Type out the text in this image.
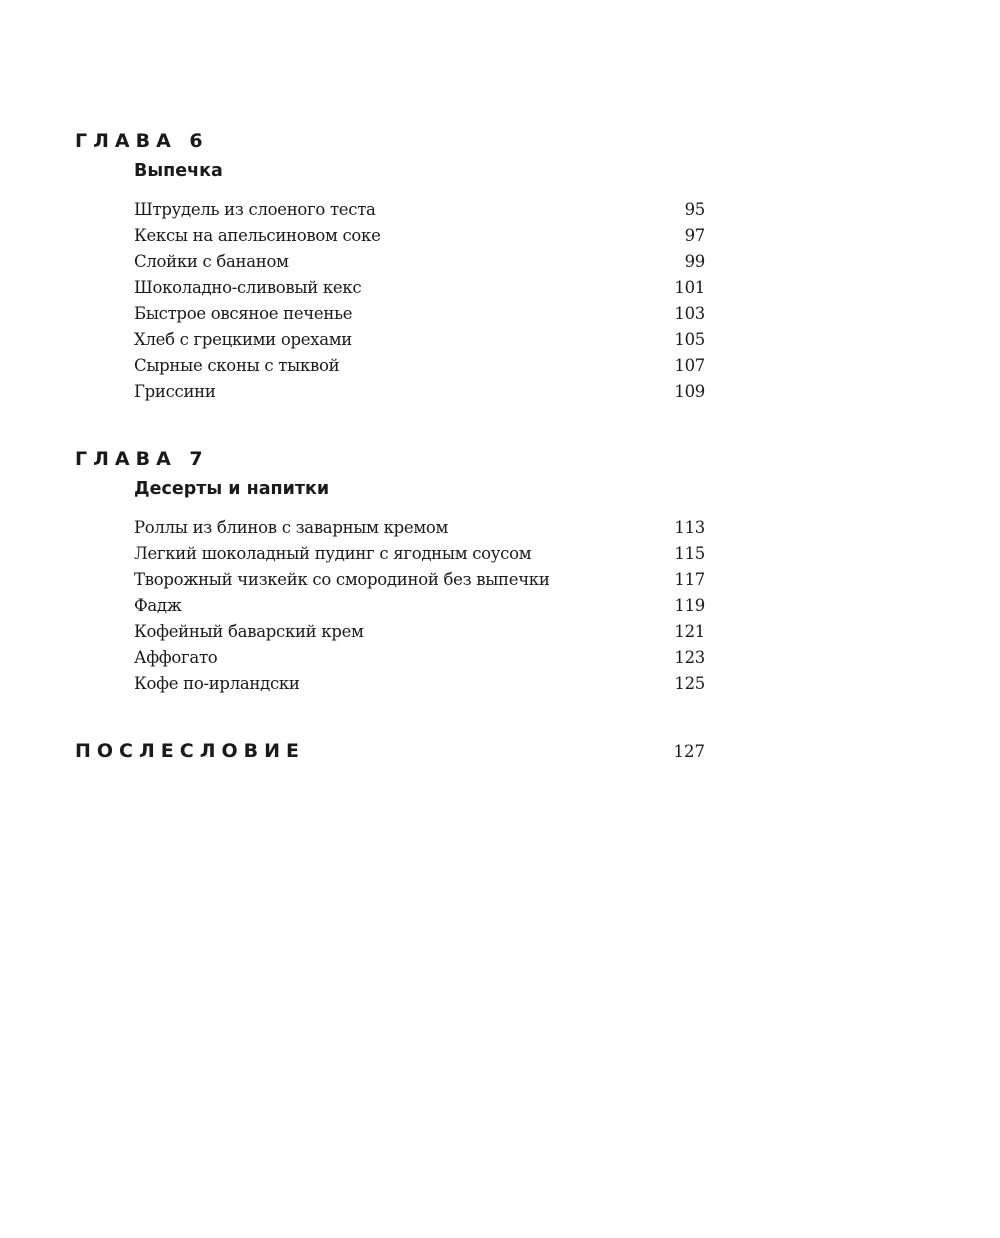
ГЛАВА 6
Выпечка
Штрудель из слоеного теста	95
Кексы на апельсиновом соке	97
Слойки с бананом	99
Шоколадно-сливовый кекс	101
Быстрое овсяное печенье	103
Хлеб с грецкими орехами	105
Сырные сконы с тыквой	107
Гриссини	109
ГЛАВА 7
Десерты и напитки
Роллы из блинов с заварным кремом	113
Легкий шоколадный пудинг с ягодным соусом	115
Творожный чизкейк со смородиной без выпечки	117
Фадж	119
Кофейный баварский крем	121
Аффогато	123
Кофе по-ирландски	125
ПОСЛЕСЛОВИЕ	127
